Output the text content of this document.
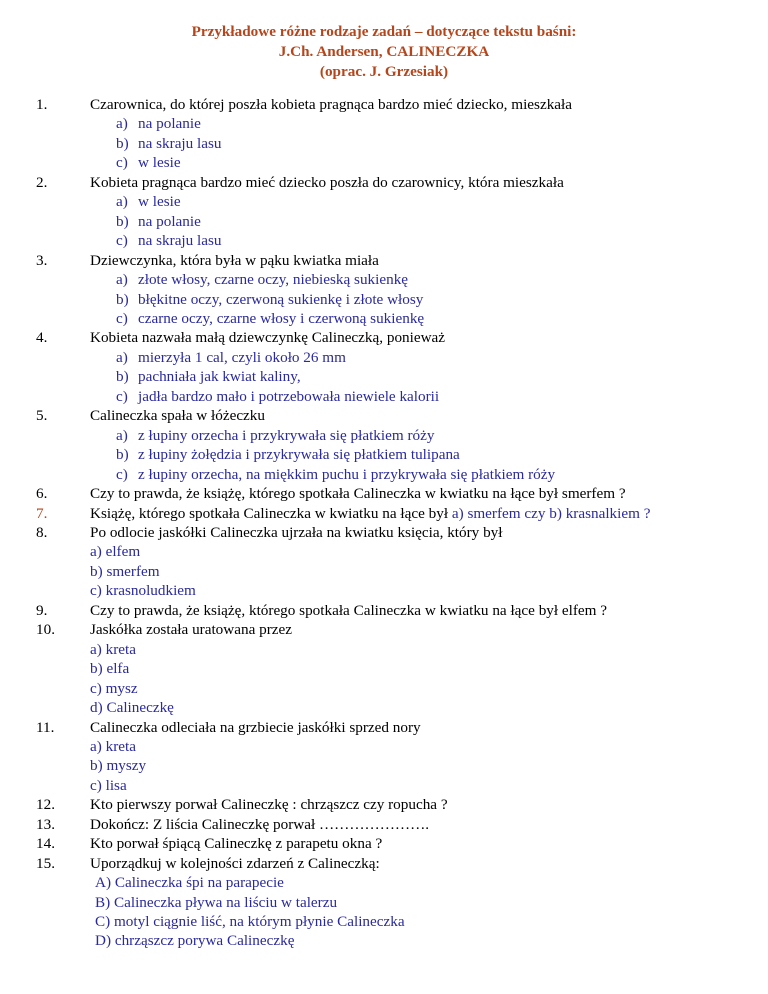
Przykładowe różne rodzaje zadań – dotyczące tekstu baśni:
J.Ch. Andersen, CALINECZKA
(oprac. J. Grzesiak)
1.	Czarownica, do której poszła kobieta pragnąca bardzo mieć dziecko, mieszkała
a) na polanie
b) na skraju lasu
c) w lesie
2.	Kobieta pragnąca bardzo mieć dziecko poszła do czarownicy, która mieszkała
a) w lesie
b) na polanie
c) na skraju lasu
3.	Dziewczynka, która była w pąku kwiatka miała
a) złote włosy, czarne oczy, niebieską sukienkę
b) błękitne oczy, czerwoną sukienkę i złote włosy
c) czarne oczy, czarne włosy i czerwoną sukienkę
4.	Kobieta nazwała małą dziewczynkę Calineczką, ponieważ
a) mierzyła 1 cal, czyli około 26 mm
b) pachniała jak kwiat kaliny,
c) jadła bardzo mało i potrzebowała niewiele kalorii
5.	Calineczka spała w łóżeczku
a) z łupiny orzecha i przykrywała się płatkiem róży
b) z łupiny żołędzia i przykrywała się płatkiem tulipana
c) z łupiny orzecha, na miękkim puchu i przykrywała się płatkiem róży
6.	Czy to prawda, że książę, którego spotkała Calineczka w kwiatku na łące był smerfem ?
7.	Książę, którego spotkała Calineczka w kwiatku na łące był a) smerfem czy b) krasnalkiem ?
8.	Po odlocie jaskółki Calineczka ujrzała na kwiatku księcia, który był
a) elfem
b) smerfem
c) krasnoludkiem
9.	Czy to prawda, że książę, którego spotkała Calineczka w kwiatku na łące był elfem ?
10.	Jaskółka została uratowana przez
a) kreta
b) elfa
c) mysz
d) Calineczkę
11.	Calineczka odleciała na grzbiecie jaskółki sprzed nory
a) kreta
b) myszy
c) lisa
12.	Kto pierwszy porwał Calineczkę : chrząszcz czy ropucha ?
13.	Dokończ: Z liścia Calineczkę porwał ………………….
14.	Kto porwał śpiącą Calineczkę z parapetu okna ?
15.	Uporządkuj w kolejności zdarzeń z Calineczką:
A) Calineczka śpi na parapecie
B) Calineczka pływa na liściu w talerzu
C) motyl ciągnie liść, na którym płynie Calineczka
D) chrząszcz porywa Calineczkę
